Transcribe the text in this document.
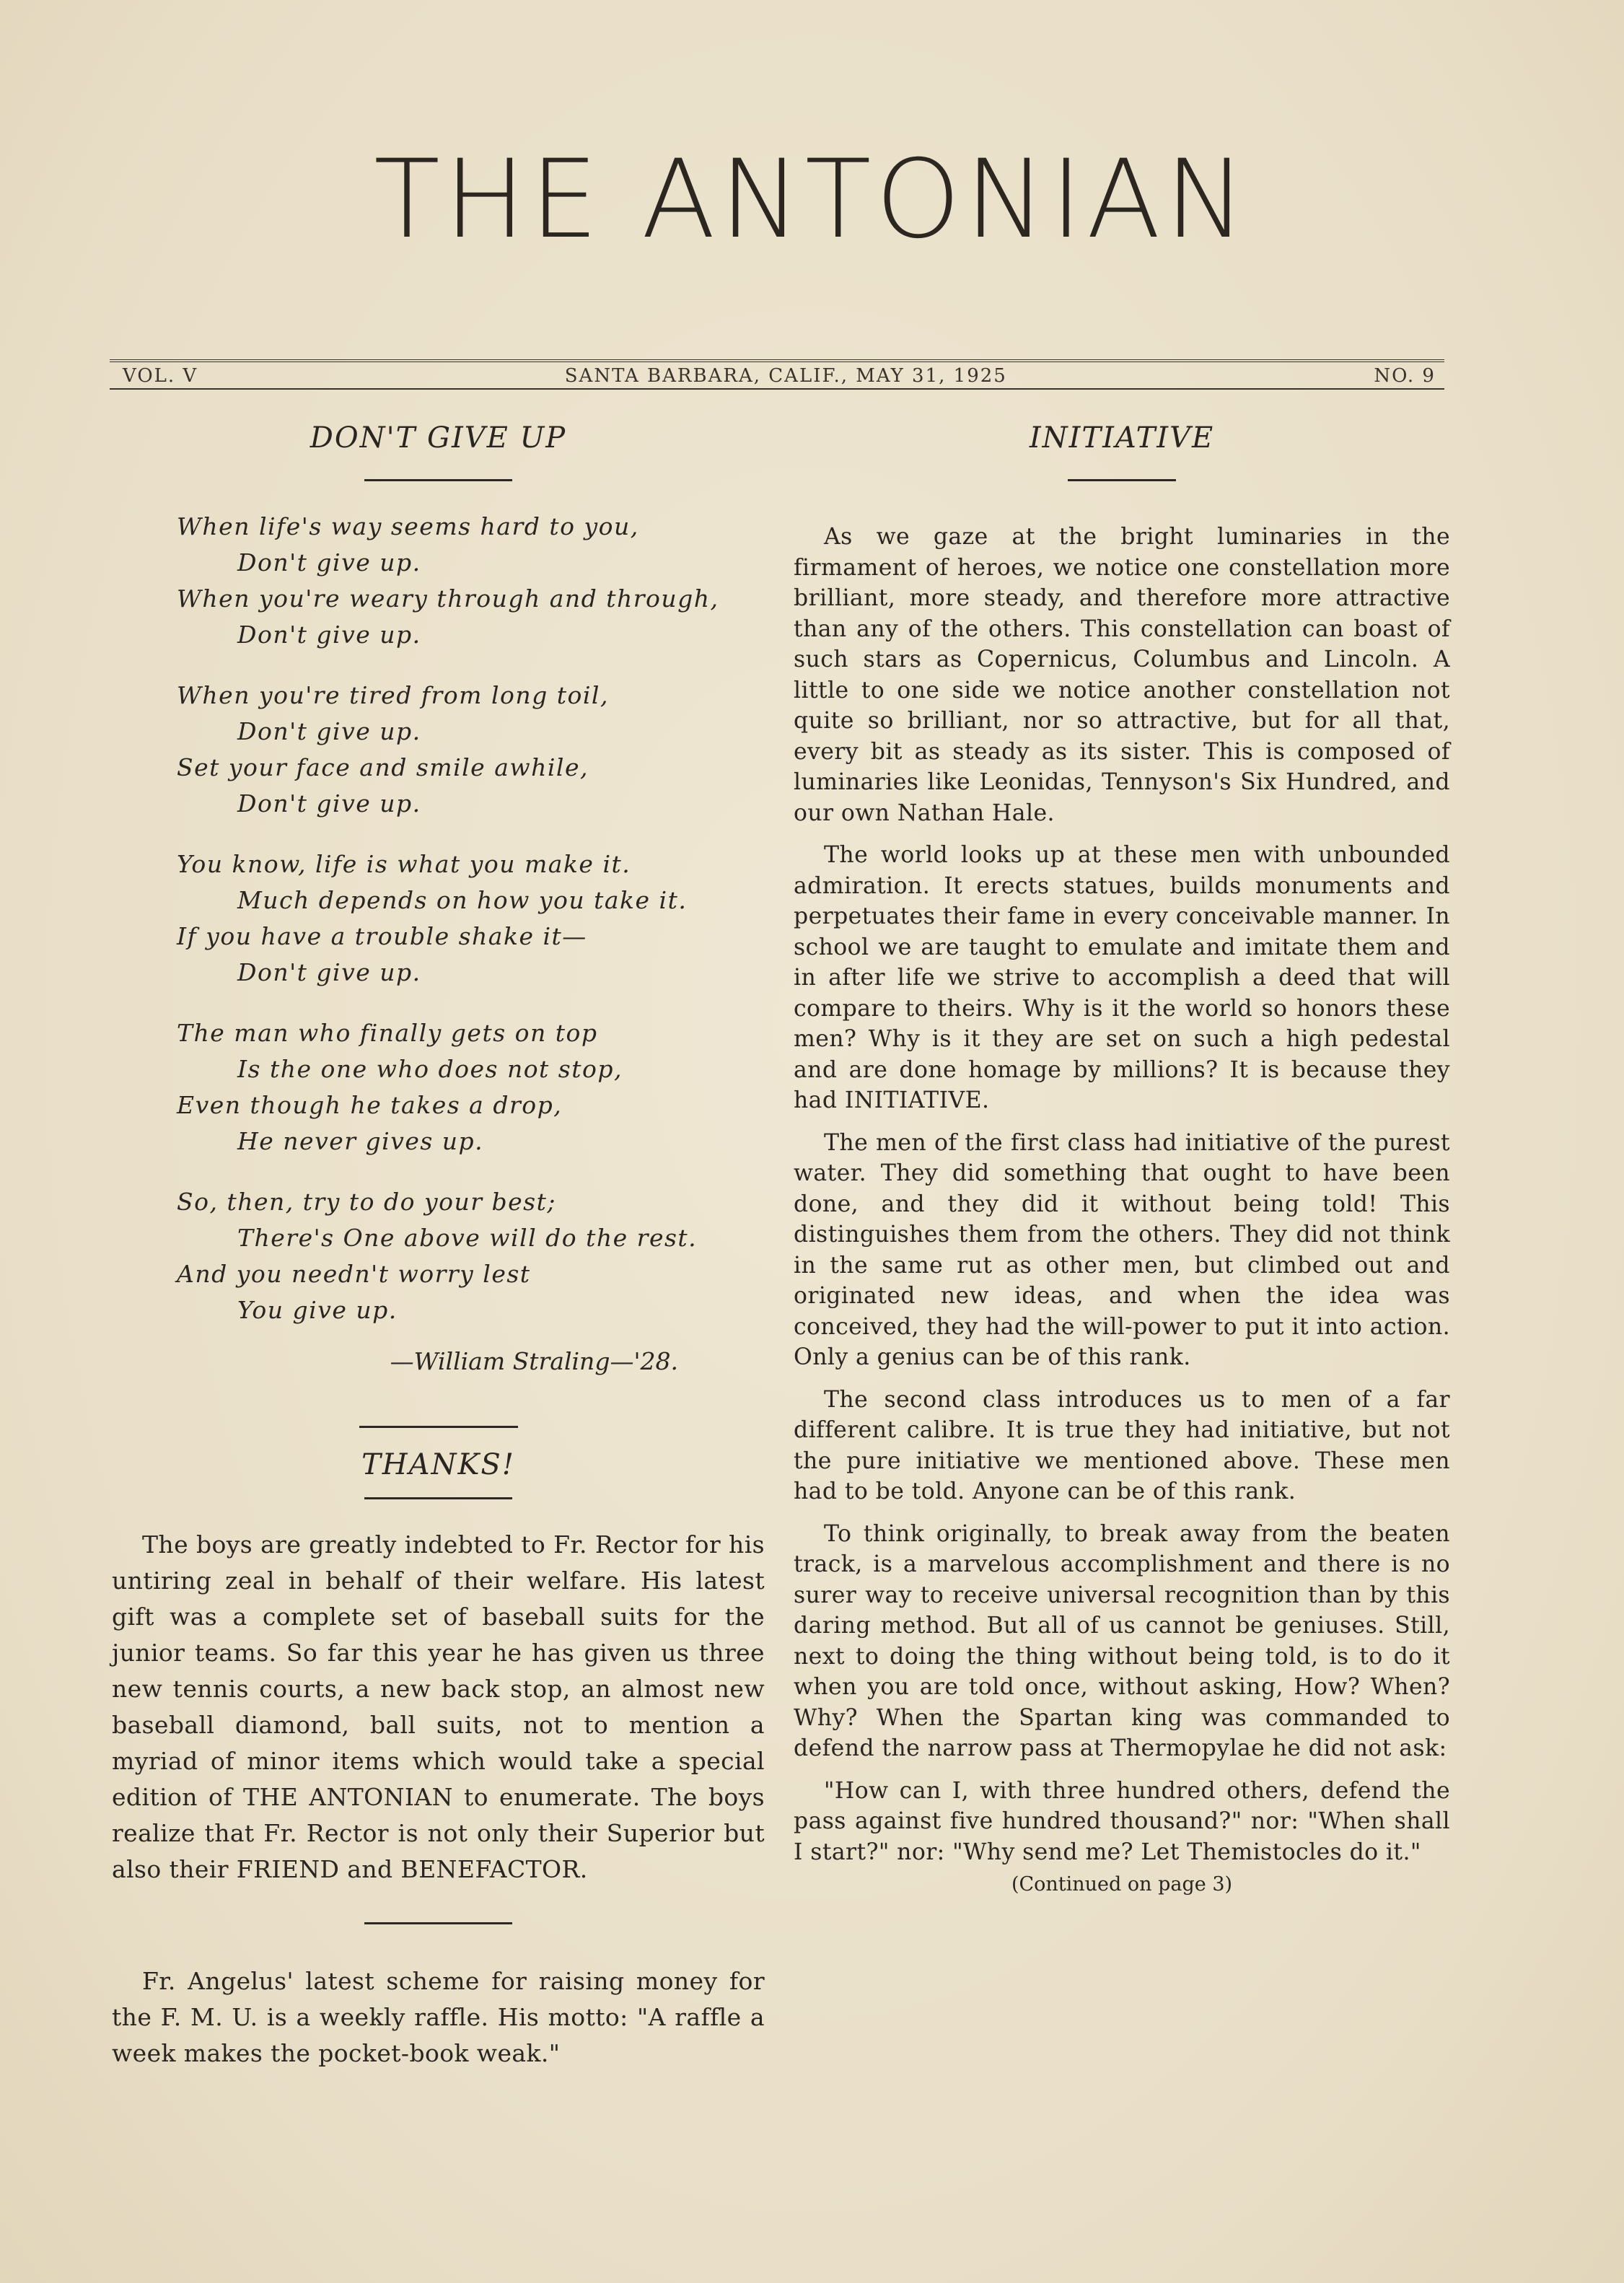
THE ANTONIAN
VOL. V	SANTA BARBARA, CALIF., MAY 31, 1925	NO. 9
DON'T GIVE UP
When life's way seems hard to you,
Don't give up.
When you're weary through and through,
Don't give up.
When you're tired from long toil,
Don't give up.
Set your face and smile awhile,
Don't give up.
You know, life is what you make it.
Much depends on how you take it.
If you have a trouble shake it—
Don't give up.
The man who finally gets on top
Is the one who does not stop,
Even though he takes a drop,
He never gives up.
So, then, try to do your best;
There's One above will do the rest.
And you needn't worry lest
You give up.
—William Straling—'28.
THANKS!

The boys are greatly indebted to Fr. Rector for his untiring zeal in behalf of their welfare. His latest gift was a complete set of baseball suits for the junior teams. So far this year he has given us three new tennis courts, a new back stop, an almost new baseball diamond, ball suits, not to mention a myriad of minor items which would take a special edition of THE ANTONIAN to enumerate. The boys realize that Fr. Rector is not only their Superior but also their FRIEND and BENEFACTOR.

Fr. Angelus' latest scheme for raising money for the F. M. U. is a weekly raffle. His motto: "A raffle a week makes the pocket-book weak."

INITIATIVE

As we gaze at the bright luminaries in the firmament of heroes, we notice one constellation more brilliant, more steady, and therefore more attractive than any of the others. This constellation can boast of such stars as Copernicus, Columbus and Lincoln. A little to one side we notice another constellation not quite so brilliant, nor so attractive, but for all that, every bit as steady as its sister. This is composed of luminaries like Leonidas, Tennyson's Six Hundred, and our own Nathan Hale.

The world looks up at these men with unbounded admiration. It erects statues, builds monuments and perpetuates their fame in every conceivable manner. In school we are taught to emulate and imitate them and in after life we strive to accomplish a deed that will compare to theirs. Why is it the world so honors these men? Why is it they are set on such a high pedestal and are done homage by millions? It is because they had INITIATIVE.

The men of the first class had initiative of the purest water. They did something that ought to have been done, and they did it without being told! This distinguishes them from the others. They did not think in the same rut as other men, but climbed out and originated new ideas, and when the idea was conceived, they had the will-power to put it into action. Only a genius can be of this rank.

The second class introduces us to men of a far different calibre. It is true they had initiative, but not the pure initiative we mentioned above. These men had to be told. Anyone can be of this rank.

To think originally, to break away from the beaten track, is a marvelous accomplishment and there is no surer way to receive universal recognition than by this daring method. But all of us cannot be geniuses. Still, next to doing the thing without being told, is to do it when you are told once, without asking, How? When? Why? When the Spartan king was commanded to defend the narrow pass at Thermopylae he did not ask:

"How can I, with three hundred others, defend the pass against five hundred thousand?" nor: "When shall I start?" nor: "Why send me? Let Themistocles do it."

(Continued on page 3)
